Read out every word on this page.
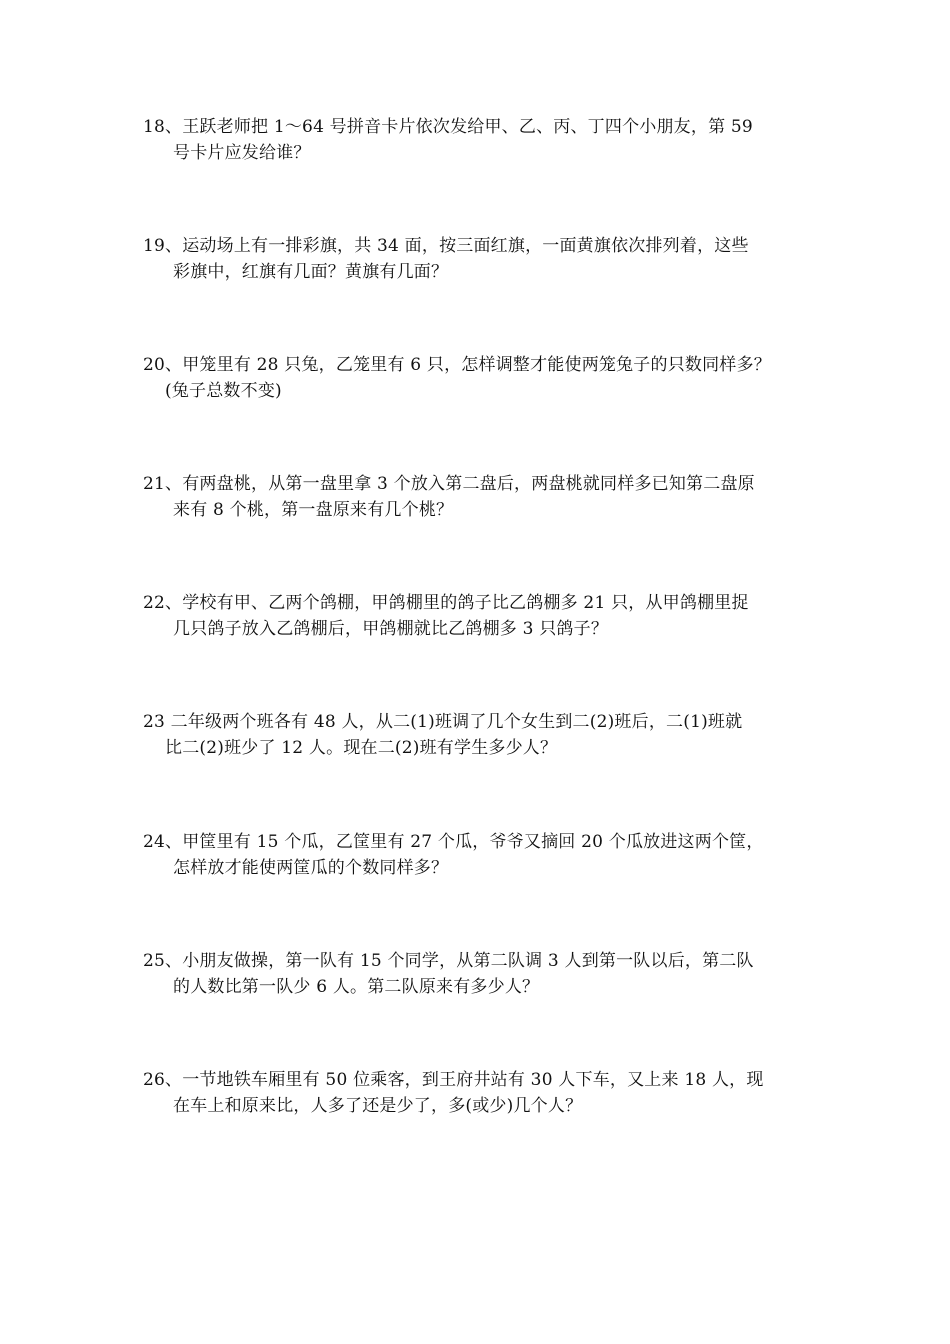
18、王跃老师把 1～64 号拼音卡片依次发给甲、乙、丙、丁四个小朋友，第 59
号卡片应发给谁？
19、运动场上有一排彩旗，共 34 面，按三面红旗，一面黄旗依次排列着，这些
彩旗中，红旗有几面？黄旗有几面？
20、甲笼里有 28 只兔，乙笼里有 6 只，怎样调整才能使两笼兔子的只数同样多？
(兔子总数不变)
21、有两盘桃，从第一盘里拿 3 个放入第二盘后，两盘桃就同样多已知第二盘原
来有 8 个桃，第一盘原来有几个桃？
22、学校有甲、乙两个鸽棚，甲鸽棚里的鸽子比乙鸽棚多 21 只，从甲鸽棚里捉
几只鸽子放入乙鸽棚后，甲鸽棚就比乙鸽棚多 3 只鸽子？
23 二年级两个班各有 48 人，从二(1)班调了几个女生到二(2)班后，二(1)班就
比二(2)班少了 12 人。现在二(2)班有学生多少人？
24、甲筐里有 15 个瓜，乙筐里有 27 个瓜，爷爷又摘回 20 个瓜放进这两个筐，
怎样放才能使两筐瓜的个数同样多？
25、小朋友做操，第一队有 15 个同学，从第二队调 3 人到第一队以后，第二队
的人数比第一队少 6 人。第二队原来有多少人？
26、一节地铁车厢里有 50 位乘客，到王府井站有 30 人下车，又上来 18 人，现
在车上和原来比，人多了还是少了，多(或少)几个人？
